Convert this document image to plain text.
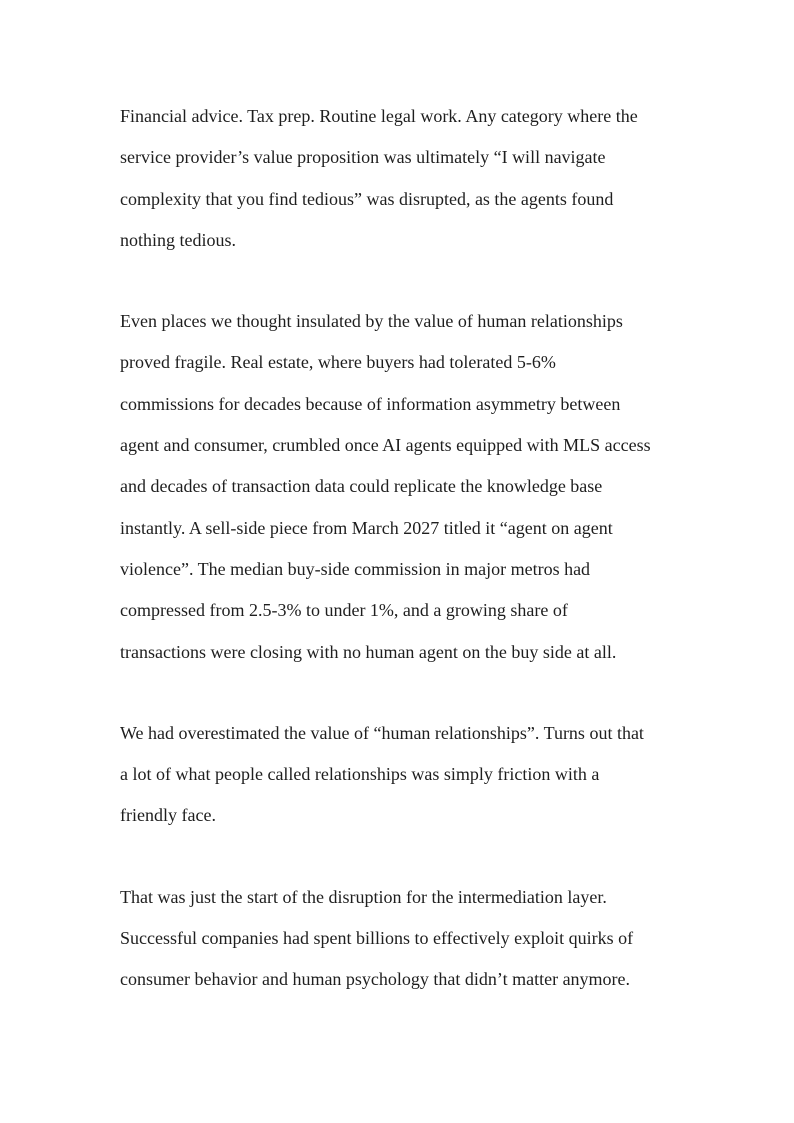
Financial advice. Tax prep. Routine legal work. Any category where the
service provider’s value proposition was ultimately “I will navigate
complexity that you find tedious” was disrupted, as the agents found
nothing tedious.

Even places we thought insulated by the value of human relationships
proved fragile. Real estate, where buyers had tolerated 5-6%
commissions for decades because of information asymmetry between
agent and consumer, crumbled once AI agents equipped with MLS access
and decades of transaction data could replicate the knowledge base
instantly. A sell-side piece from March 2027 titled it “agent on agent
violence”. The median buy-side commission in major metros had
compressed from 2.5-3% to under 1%, and a growing share of
transactions were closing with no human agent on the buy side at all.

We had overestimated the value of “human relationships”. Turns out that
a lot of what people called relationships was simply friction with a
friendly face.

That was just the start of the disruption for the intermediation layer.
Successful companies had spent billions to effectively exploit quirks of
consumer behavior and human psychology that didn’t matter anymore.
